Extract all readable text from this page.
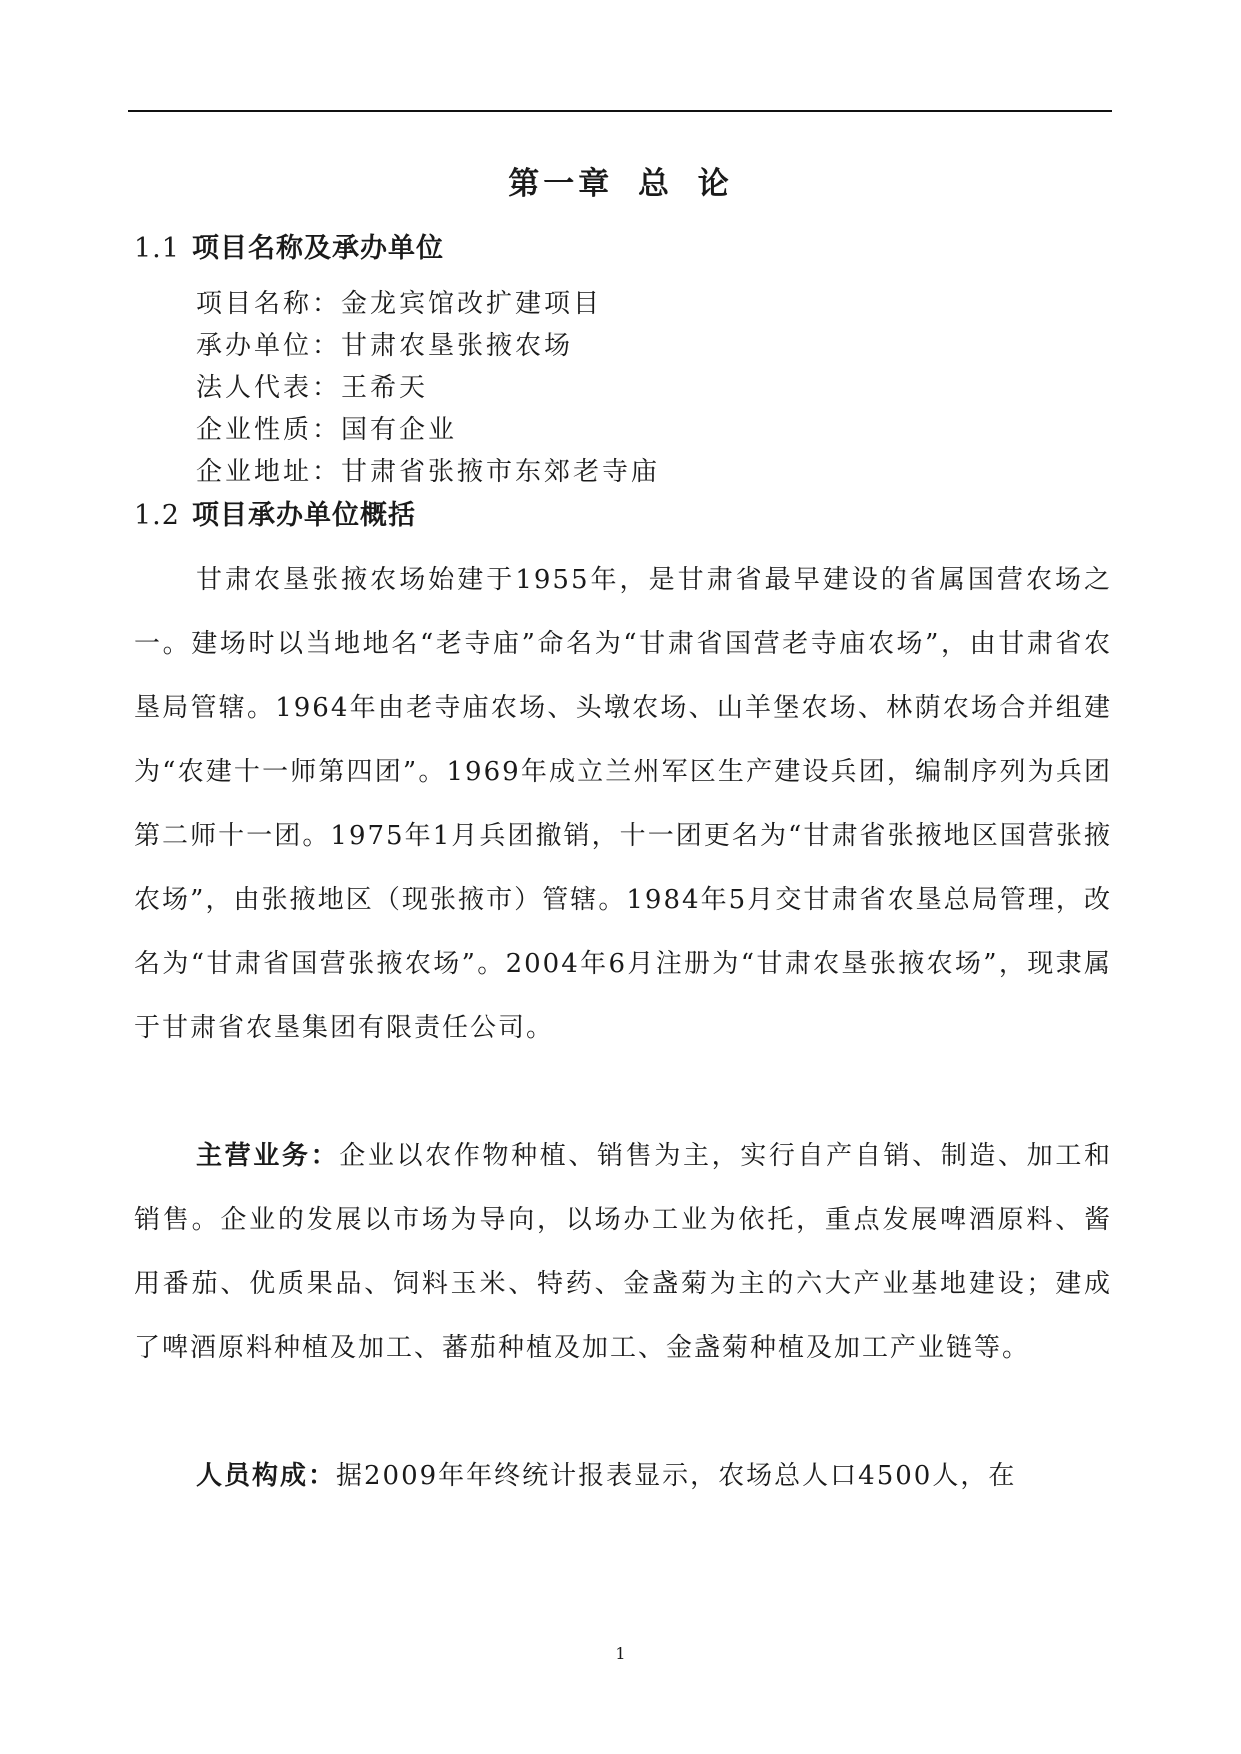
第一章 总 论
1.1 项目名称及承办单位
项目名称：金龙宾馆改扩建项目
承办单位：甘肃农垦张掖农场
法人代表：王希天
企业性质：国有企业
企业地址：甘肃省张掖市东郊老寺庙
1.2 项目承办单位概括

甘肃农垦张掖农场始建于1955年，是甘肃省最早建设的省属国营农场之一。建场时以当地地名“老寺庙”命名为“甘肃省国营老寺庙农场”，由甘肃省农垦局管辖。1964年由老寺庙农场、头墩农场、山羊堡农场、林荫农场合并组建为“农建十一师第四团”。1969年成立兰州军区生产建设兵团，编制序列为兵团第二师十一团。1975年1月兵团撤销，十一团更名为“甘肃省张掖地区国营张掖农场”，由张掖地区（现张掖市）管辖。1984年5月交甘肃省农垦总局管理，改名为“甘肃省国营张掖农场”。2004年6月注册为“甘肃农垦张掖农场”，现隶属于甘肃省农垦集团有限责任公司。

主营业务：企业以农作物种植、销售为主，实行自产自销、制造、加工和销售。企业的发展以市场为导向，以场办工业为依托，重点发展啤酒原料、酱用番茄、优质果品、饲料玉米、特药、金盏菊为主的六大产业基地建设；建成了啤酒原料种植及加工、蕃茄种植及加工、金盏菊种植及加工产业链等。

人员构成：据2009年年终统计报表显示，农场总人口4500人，在

1
